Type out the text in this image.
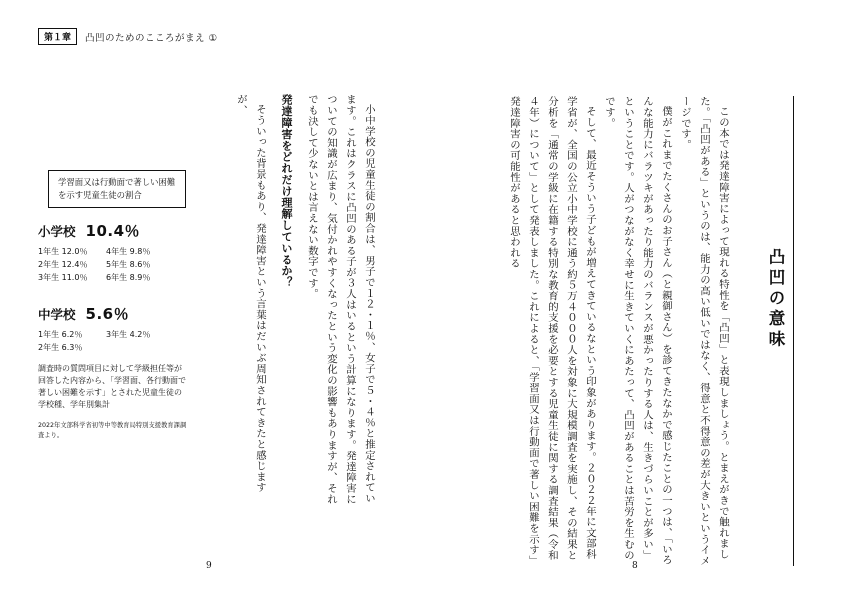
第１章	凸凹のためのこころがまえ ①
凸凹の意味

この本では発達障害によって現れる特性を「凸凹」と表現しましょう。とまえがきで触れました。「凸凹がある」というのは、能力の高い低いではなく、得意と不得意の差が大きいというイメージです。

僕がこれまでたくさんのお子さん（と親御さん）を診てきたなかで感じたことの一つは、「いろんな能力にバラツキがあったり能力のバランスが悪かったりする人は、生きづらいことが多い」ということです。人がつながなく幸せに生きていくにあたって、凸凹があることは苦労を生むのです。

そして、最近そういう子どもが増えてきているなという印象があります。２０２２年に文部科学省が、全国の公立小中学校に通う約５万４０００人を対象に大規模調査を実施し、その結果と分析を「通常の学級に在籍する特別な教育的支援を必要とする児童生徒に関する調査結果（令和４年）について」として発表しました。これによると、「学習面又は行動面で著しい困難を示す」発達障害の可能性があると思われる

小中学校の児童生徒の割合は、男子で１２・１％、女子で５・４％と推定されています。これはクラスに凸凹のある子が３人はいるという計算になります。発達障害についての知識が広まり、気付かれやすくなったという変化の影響もありますが、それでも決して少ないとは言えない数字です。

発達障害をどれだけ理解しているか？

そういった背景もあり、発達障害という言葉はだいぶ周知されてきたと感じますが、

学習面又は行動面で著しい困難を示す児童生徒の割合
小学校 10.4％
1年生 12.0％	4年生 9.8％
2年生 12.4％	5年生 8.6％
3年生 11.0％	6年生 8.9％
中学校 5.6％
1年生 6.2％	3年生 4.2％
2年生 6.3％
調査時の質問項目に対して学級担任等が回答した内容から、「学習面、各行動面で著しい困難を示す」とされた児童生徒の学校種、学年別集計
2022年文部科学省初等中等教育局特別支援教育課調査より。
9	8
